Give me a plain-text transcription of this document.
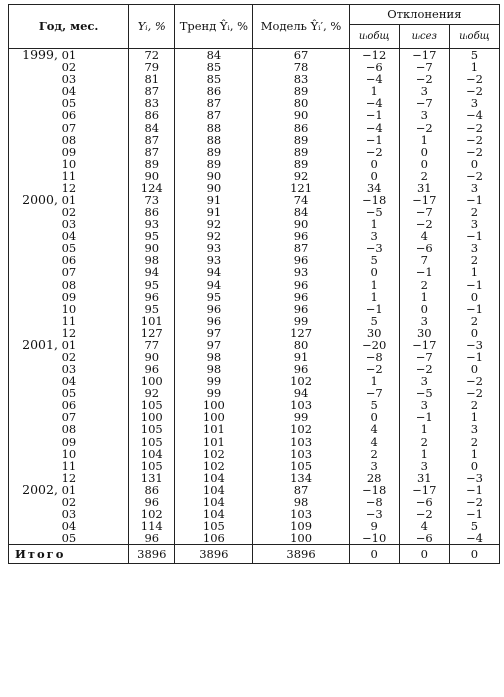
Год, мес.	Yᵢ, %	Тренд Ŷᵢ, %	Модель Ŷᵢ′, %	Отклонения		
				uᵢобщ	uᵢсез	uᵢобщ
1999, 01	72	84	67	−12	−17	5
02	79	85	78	−6	−7	1
03	81	85	83	−4	−2	−2
04	87	86	89	1	3	−2
05	83	87	80	−4	−7	3
06	86	87	90	−1	3	−4
07	84	88	86	−4	−2	−2
08	87	88	89	−1	1	−2
09	87	89	89	−2	0	−2
10	89	89	89	0	0	0
11	90	90	92	0	2	−2
12	124	90	121	34	31	3
2000, 01	73	91	74	−18	−17	−1
02	86	91	84	−5	−7	2
03	93	92	90	1	−2	3
04	95	92	96	3	4	−1
05	90	93	87	−3	−6	3
06	98	93	96	5	7	2
07	94	94	93	0	−1	1
08	95	94	96	1	2	−1
09	96	95	96	1	1	0
10	95	96	96	−1	0	−1
11	101	96	99	5	3	2
12	127	97	127	30	30	0
2001, 01	77	97	80	−20	−17	−3
02	90	98	91	−8	−7	−1
03	96	98	96	−2	−2	0
04	100	99	102	1	3	−2
05	92	99	94	−7	−5	−2
06	105	100	103	5	3	2
07	100	100	99	0	−1	1
08	105	101	102	4	1	3
09	105	101	103	4	2	2
10	104	102	103	2	1	1
11	105	102	105	3	3	0
12	131	104	134	28	31	−3
2002, 01	86	104	87	−18	−17	−1
02	96	104	98	−8	−6	−2
03	102	104	103	−3	−2	−1
04	114	105	109	9	4	5
05	96	106	100	−10	−6	−4
Итого	3896	3896	3896	0	0	0
